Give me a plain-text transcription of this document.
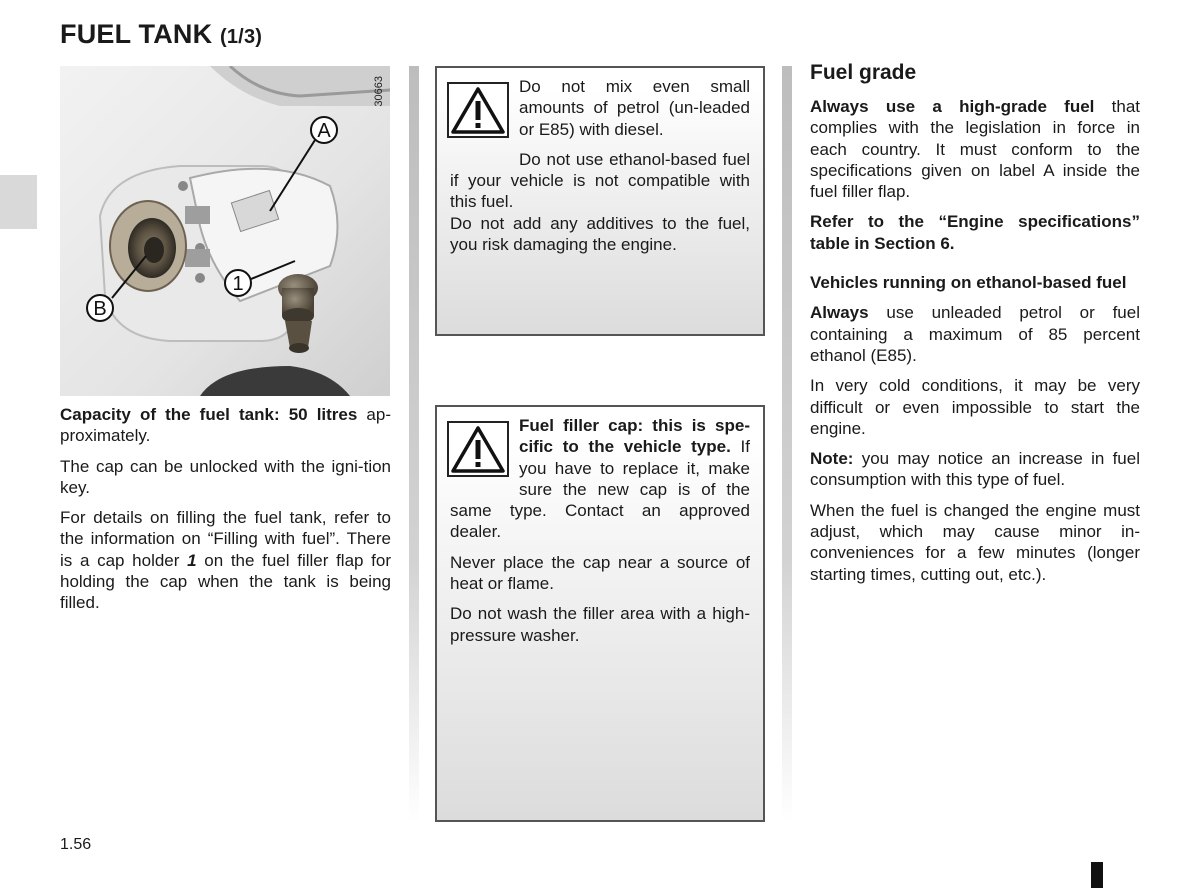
FUEL TANK (1/3)
A
B
1
30663

Capacity of the fuel tank: 50 litres ap-proximately.

The cap can be unlocked with the igni-tion key.

For details on filling the fuel tank, refer to the information on “Filling with fuel”. There is a cap holder 1 on the fuel filler flap for holding the cap when the tank is being filled.

Do not mix even small amounts of petrol (un-leaded or E85) with diesel.

Do not use ethanol-based fuel if your vehicle is not compatible with this fuel.

Do not add any additives to the fuel, you risk damaging the engine.

Fuel filler cap: this is spe-cific to the vehicle type. If you have to replace it, make sure the new cap is of the same type. Contact an approved dealer.

Never place the cap near a source of heat or flame.

Do not wash the filler area with a high-pressure washer.

Fuel grade

Always use a high-grade fuel that complies with the legislation in force in each country. It must conform to the specifications given on label A inside the fuel filler flap.

Refer to the “Engine specifications” table in Section 6.

Vehicles running on ethanol-based fuel

Always use unleaded petrol or fuel containing a maximum of 85 percent ethanol (E85).

In very cold conditions, it may be very difficult or even impossible to start the engine.

Note: you may notice an increase in fuel consumption with this type of fuel.

When the fuel is changed the engine must adjust, which may cause minor in-conveniences for a few minutes (longer starting times, cutting out, etc.).

1.56
